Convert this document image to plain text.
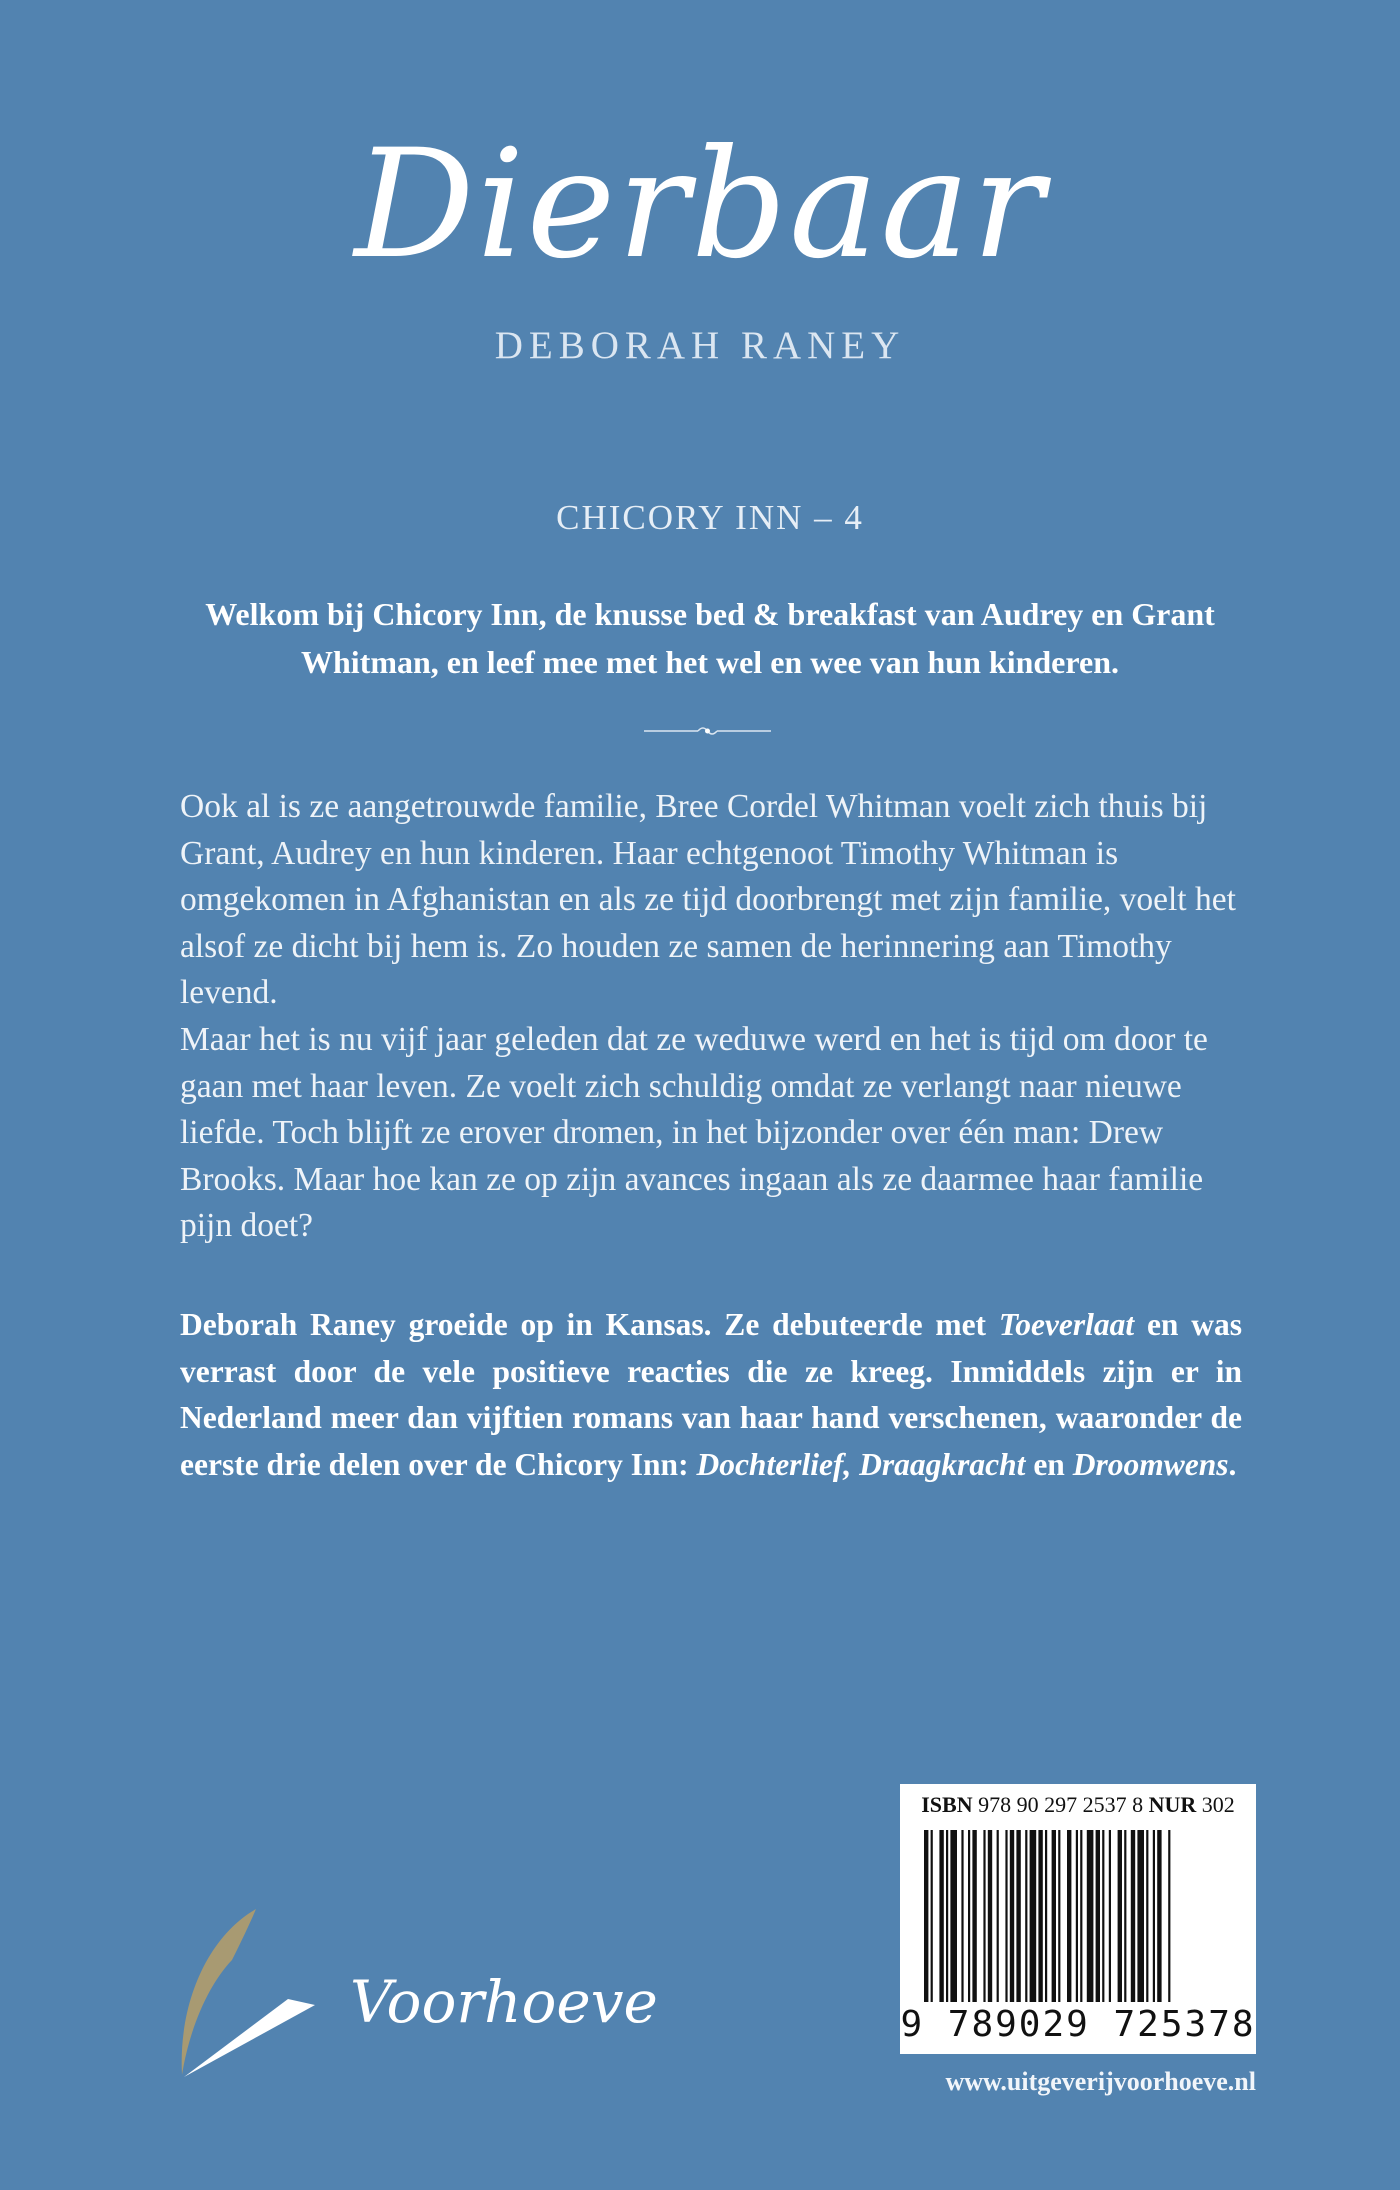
Dierbaar
DEBORAH RANEY
CHICORY INN – 4
Welkom bij Chicory Inn, de knusse bed & breakfast van Audrey en Grant Whitman, en leef mee met het wel en wee van hun kinderen.

Ook al is ze aangetrouwde familie, Bree Cordel Whitman voelt zich thuis bij Grant, Audrey en hun kinderen. Haar echtgenoot Timothy Whitman is omgekomen in Afghanistan en als ze tijd doorbrengt met zijn familie, voelt het alsof ze dicht bij hem is. Zo houden ze samen de herinnering aan Timothy levend.

Maar het is nu vijf jaar geleden dat ze weduwe werd en het is tijd om door te gaan met haar leven. Ze voelt zich schuldig omdat ze verlangt naar nieuwe liefde. Toch blijft ze erover dromen, in het bijzonder over één man: Drew Brooks. Maar hoe kan ze op zijn avances ingaan als ze daarmee haar familie pijn doet?

Deborah Raney groeide op in Kansas. Ze debuteerde met Toeverlaat en was verrast door de vele positieve reacties die ze kreeg. Inmiddels zijn er in Nederland meer dan vijftien romans van haar hand verschenen, waaronder de eerste drie delen over de Chicory Inn: Dochterlief, Draagkracht en Droomwens.
ISBN 978 90 297 2537 8 NUR 302
9 789029 725378
www.uitgeverijvoorhoeve.nl
Voorhoeve
